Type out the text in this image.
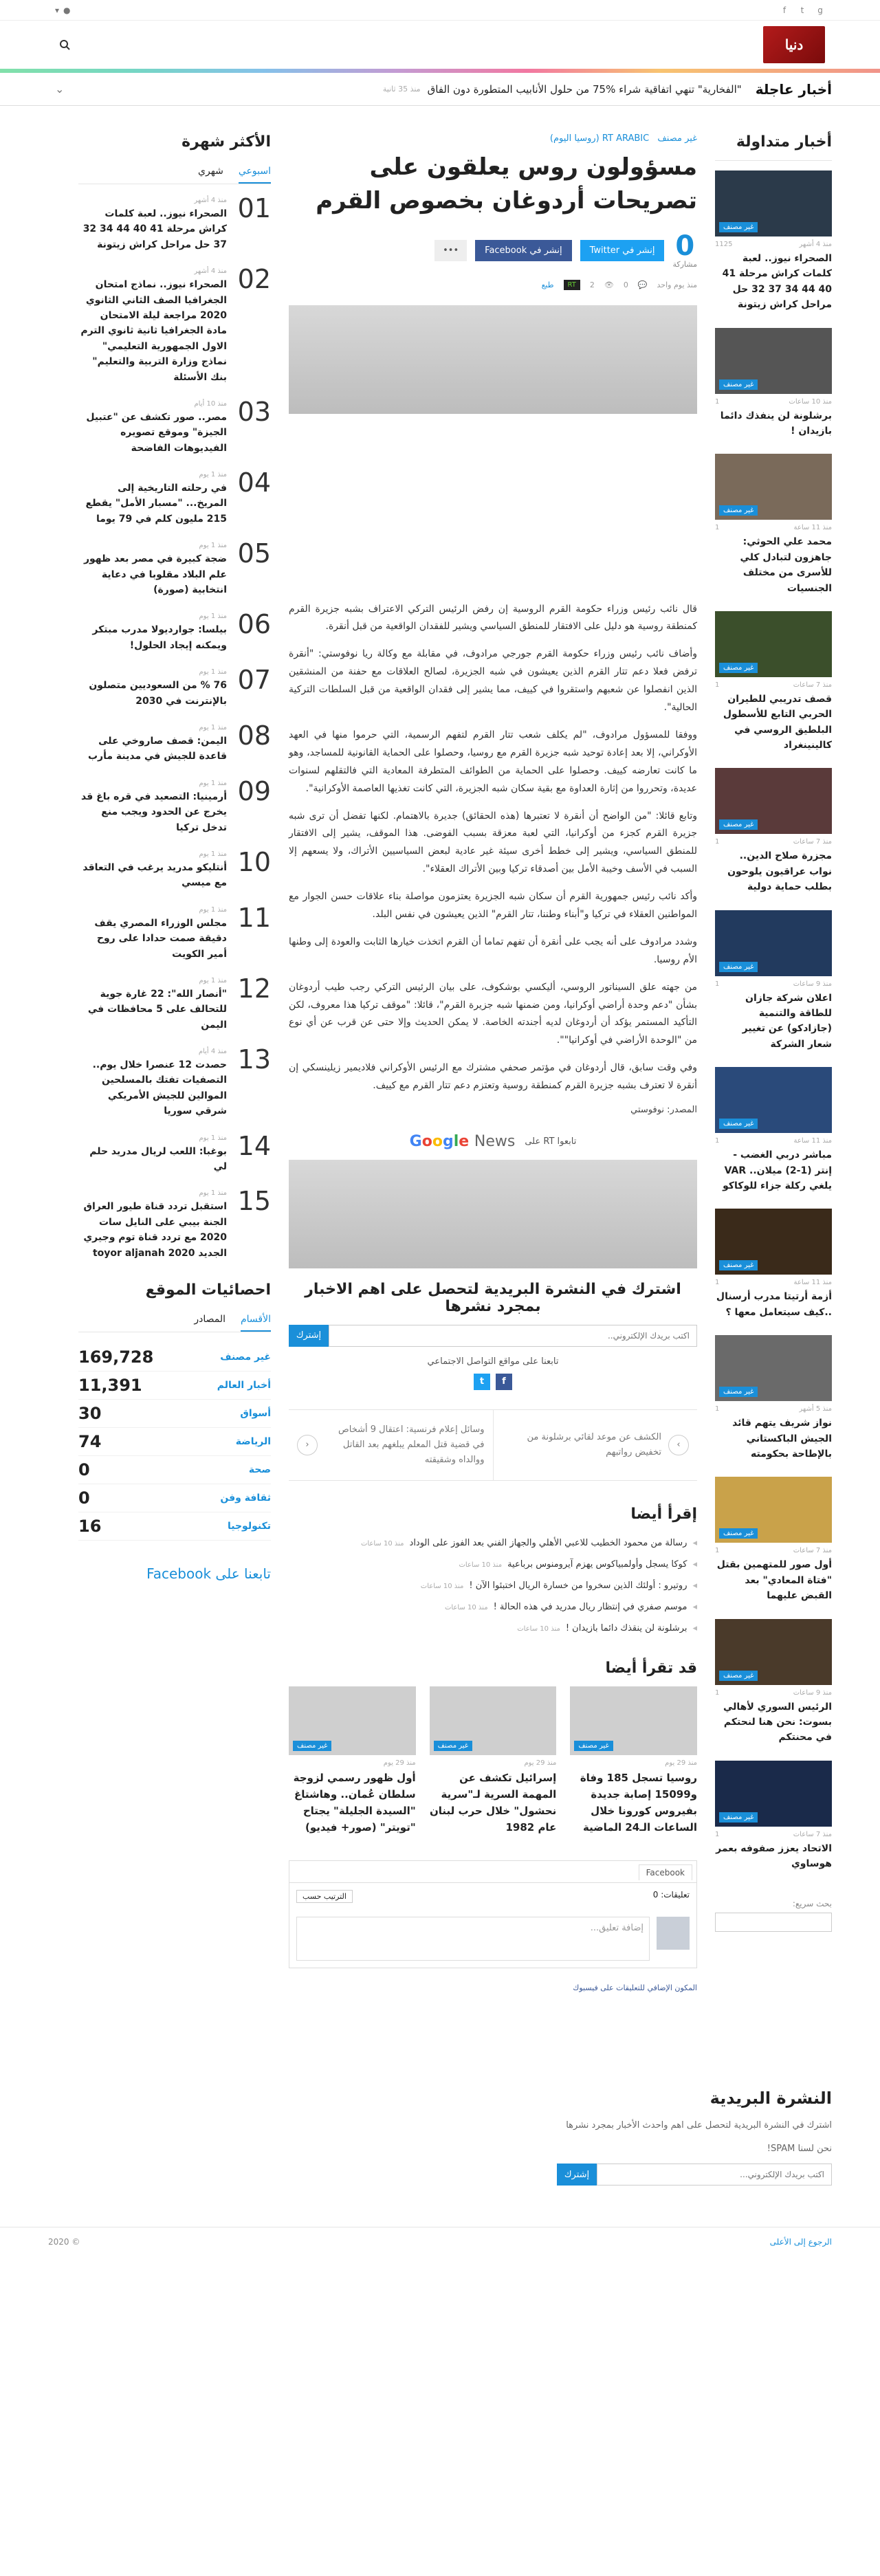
f	t	g
▾ ●
دنيا
أخبار عاجلة
"الفخارية" تنهي اتفاقية شراء %75 من حلول الأنابيب المتطورة دون الفاق
منذ 35 ثانية
⌄
أخبار متداولة
غير مصنف
منذ 4 أشهر
1125
الصحراء نيوز.. لعبة كلمات كراش مرحلة 41 40 44 34 37 32 حل مراحل كراش زيتونة
غير مصنف
منذ 10 ساعات
1
برشلونة لن ينفذك دائما بازيدان !
غير مصنف
منذ 11 ساعة
1
محمد علي الحوثي: جاهزون لتبادل كلي للأسرى من مختلف الجنسيات
غير مصنف
منذ 7 ساعات
1
قصف تدريبي للطيران الحربي التابع للأسطول البلطيق الروسي في كالينينغراد
غير مصنف
منذ 7 ساعات
1
مجزرة صلاح الدين.. نواب عراقيون يلوحون بطلب حماية دولية
غير مصنف
منذ 9 ساعات
1
اعلان شركة جازان للطاقة والتنمية (جازادكو) عن تغيير شعار الشركة
غير مصنف
منذ 11 ساعة
1
مباشر دربي الغضب - إنتر (1-2) ميلان.. VAR يلغي ركلة جزاء للوكاكو
غير مصنف
منذ 11 ساعة
1
أزمة أرتيتا مدرب أرسنال ..كيف سيتعامل معها ؟
غير مصنف
منذ 5 أشهر
1
نواز شريف يتهم قائد الجيش الباكستاني بالإطاحة بحكومته
غير مصنف
منذ 7 ساعات
1
أول صور للمتهمين بقتل "فتاة المعادي" بعد القبض عليهما
غير مصنف
منذ 9 ساعات
1
الرئيس السوري لأهالي بسوت: نحن هنا لنحتكم في محنتكم
غير مصنف
منذ 7 ساعات
1
الاتحاد يعزز صفوفه بعمر هوساوي
بحث سريع:
غير مصنف RT ARABIC (روسيا اليوم)
مسؤولون روس يعلقون على تصريحات أردوغان بخصوص القرم
0
مشاركة
إنشر في Twitter
إنشر في Facebook
•••
منذ يوم واحد
💬
0
👁
2
RT
طبع

قال نائب رئيس وزراء حكومة القرم الروسية إن رفض الرئيس التركي الاعتراف بشبه جزيرة القرم كمنطقة روسية هو دليل على الافتقار للمنطق السياسي ويشير للفقدان الواقعية من قبل أنقرة.

وأضاف نائب رئيس وزراء حكومة القرم جورجي مرادوف، في مقابلة مع وكالة ريا نوفوستي: "أنقرة ترفض فعلا دعم تتار القرم الذين يعيشون في شبه الجزيرة، لصالح العلاقات مع حفنة من المنشقين الذين انفصلوا عن شعبهم واستقروا في كييف، مما يشير إلى فقدان الواقعية من قبل السلطات التركية الحالية".

ووفقا للمسؤول مرادوف، "لم يكلف شعب تتار القرم لتفهم الرسمية، التي حرموا منها في العهد الأوكراني، إلا بعد إعادة توحيد شبه جزيرة القرم مع روسيا، وحصلوا على الحماية القانونية للمساجد، وهو ما كانت تعارضه كييف. وحصلوا على الحماية من الطوائف المتطرفة المعادية التي فالتقلهم لسنوات عديدة، وتحرروا من إثارة العداوة مع بقية سكان شبه الجزيرة، التي كانت تغذيها العاصمة الأوكرانية".

وتابع قائلا: "من الواضح أن أنقرة لا تعتبرها (هذه الحقائق) جديرة بالاهتمام. لكنها تفضل أن ترى شبه جزيرة القرم كجزء من أوكرانيا، التي لعبة معزقة بسبب الفوضى. هذا الموقف، يشير إلى الافتقار للمنطق السياسي، ويشير إلى خطط أخرى سيئة غير عادية لبعض السياسيين الأتراك، ولا يسعهم إلا السبب في الأسف وخيبة الأمل بين أصدقاء تركيا وبين الأتراك العقلاء".

وأكد نائب رئيس جمهورية القرم أن سكان شبه الجزيرة يعتزمون مواصلة بناء علاقات حسن الجوار مع المواطنين العقلاء في تركيا و"أبناء وطننا، تتار القرم" الذين يعيشون في نفس البلد.

وشدد مرادوف على أنه يجب على أنقرة أن تفهم تماما أن القرم اتخذت خيارها الثابت والعودة إلى وطنها الأم روسيا.

من جهته علق السيناتور الروسي، أليكسي بوشكوف، على بيان الرئيس التركي رجب طيب أردوغان بشأن "دعم وحدة أراضي أوكرانيا، ومن ضمنها شبه جزيرة القرم"، قائلا: "موقف تركيا هذا معروف، لكن التأكيد المستمر يؤكد أن أردوغان لديه أجندته الخاصة. لا يمكن الحديث وإلا حتى عن قرب عن أي نوع من "الوحدة الأراضي في أوكرانيا"".

وفي وقت سابق، قال أردوغان في مؤتمر صحفي مشترك مع الرئيس الأوكراني فلاديمير زيلينسكي إن أنقرة لا تعترف بشبه جزيرة القرم كمنطقة روسية وتعتزم دعم تتار القرم مع كييف.

المصدر: نوفوستي
تابعوا RT على
Google News
اشترك في النشرة البريدية لتحصل على اهم الاخبار بمجرد نشرها
اكتب بريدك الإلكتروني..
إشترك
تابعنا على مواقع التواصل الاجتماعي
f
t
›
الكشف عن موعد لقائي برشلونة من تخفيض رواتبهم
وسائل إعلام فرنسية: اعتقال 9 أشخاص في قضية قتل المعلم يبلغهم بعد القاتل ووالداه وشقيقته
‹
إقرأ أيضا
◂
رسالة من محمود الخطيب للاعبي الأهلي والجهاز الفني بعد الفوز على الوداد
منذ 10 ساعات
◂
كوكا يسجل وأولمبياكوس يهزم آيرومنوس برباعية
منذ 10 ساعات
◂
روتيرو : أولئك الذين سخروا من خسارة الريال اختبئوا الآن !
منذ 10 ساعات
◂
موسم صفري في إنتظار ريال مدريد في هذه الحالة !
منذ 10 ساعات
◂
برشلونة لن ينقذك دائما بازيدان !
منذ 10 ساعات
قد تقرأ أيضا
غير مصنف
منذ 29 يوم
روسيا تسجل 185 وفاة و15099 إصابة جديدة بفيروس كورونا خلال الساعات الـ24 الماضية
غير مصنف
منذ 29 يوم
إسرائيل تكشف عن المهمة السرية لـ"سرية نحشول" خلال حرب لبنان عام 1982
غير مصنف
منذ 29 يوم
أول ظهور رسمي لزوجة سلطان عُمان.. وهاشتاغ "السيدة الجليلة" يجتاح "تويتر" (صور+ فيديو)
Facebook
تعليقات: 0
الترتيب حسب
إضافة تعليق...
المكون الإضافي للتعليقات على فيسبوك
الأكثر شهرة
اسبوعي
شهري
01
منذ 4 أشهر
الصحراء نيوز.. لعبة كلمات كراش مرحلة 41 40 44 34 32 37 حل مراحل كراش زيتونة
02
منذ 4 أشهر
الصحراء نيوز.. نماذج امتحان الجغرافيا الصف الثاني الثانوي 2020 مراجعة ليلة الامتحان مادة الجغرافيا ثانية ثانوي الترم الاول الجمهورية التعليمي" نماذج وزارة التربية والتعليم" بنك الأسئلة
03
منذ 10 أيام
مصر.. صور تكشف عن "عتبيل الجيزة" وموقع تصويره الفيديوهات الفاضحة
04
منذ 1 يوم
في رحلته التاريخية إلى المريخ... "مسبار الأمل" يقطع 215 مليون كلم في 79 يوما
05
منذ 1 يوم
ضجة كبيرة في مصر بعد ظهور علم البلاد مقلوبا في دعاية انتخابية (صورة)
06
منذ 1 يوم
بيلسا: جوارديولا مدرب مبتكر ويمكنه إيجاد الحلول!
07
منذ 1 يوم
76 % من السعوديين متصلون بالإنترنت في 2030
08
منذ 1 يوم
اليمن: قصف صاروخي على قاعدة للجيش في مدينة مأرب
09
منذ 1 يوم
أرمينيا: التصعيد في قره باغ قد يخرج عن الحدود ويجب منع تدخل تركيا
10
منذ 1 يوم
أنتليكو مدريد يرغب في التعاقد مع ميسي
11
منذ 1 يوم
مجلس الوزراء المصري يقف دقيقة صمت حدادا على روح أمير الكويت
12
منذ 1 يوم
"أنصار الله": 22 غارة جوية للتحالف على 5 محافظات في اليمن
13
منذ 4 أيام
حصدت 12 عنصرا خلال يوم.. التصفيات تفتك بالمسلحين الموالين للجيش الأمريكي شرقي سوريا
14
منذ 1 يوم
بوغبا: اللعب لريال مدريد حلم لي
15
منذ 1 يوم
استقبل تردد قناة طيور العراق الجنة بيبي على النايل سات 2020 مع تردد قناة توم وجيري الجديد 2020 toyor aljanah
احصائيات الموقع
الأقسام
المصادر
غير مصنف
169,728
أخبار العالم
11,391
أسواق
30
الرياضة
74
صحة
0
ثقافة وفن
0
تكنولوجيا
16
تابعنا على Facebook
النشرة البريدية

اشترك في النشرة البريدية لتحصل على اهم واحدث الأخبار بمجرد نشرها

نحن لسنا SPAM!

اكتب بريدك الإلكتروني...
إشترك
الرجوع إلى الأعلى
© 2020
